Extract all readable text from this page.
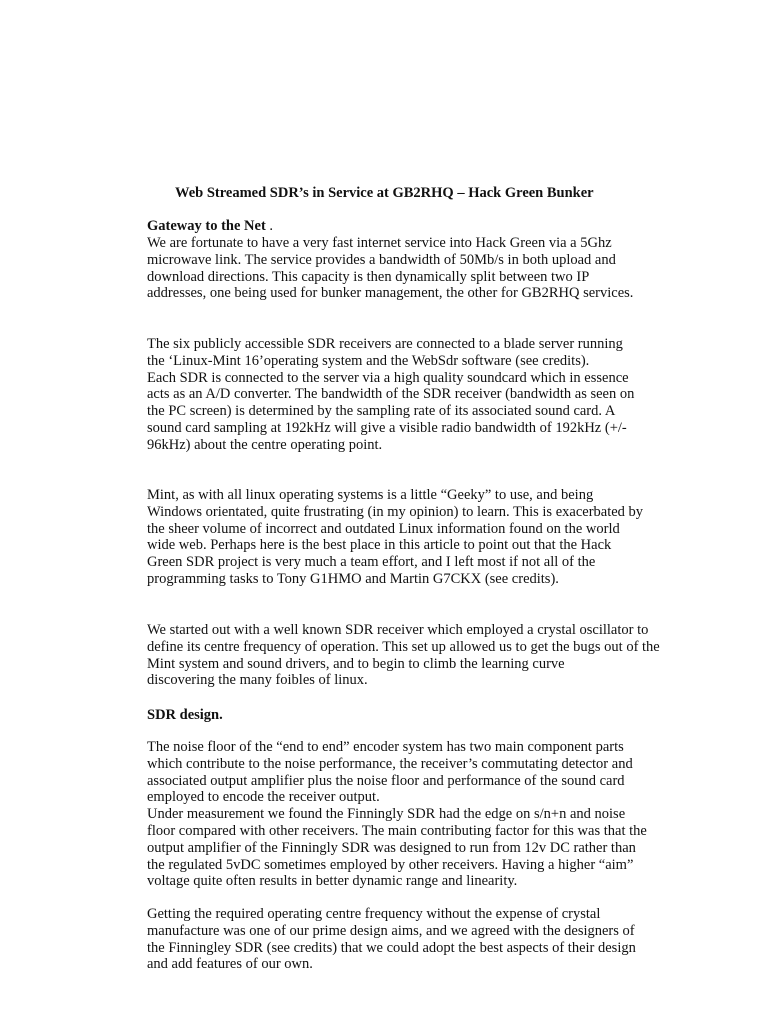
Web Streamed SDR’s in Service at GB2RHQ – Hack Green Bunker
Gateway to the Net .
We are fortunate to have a very fast internet service into Hack Green via a 5Ghz
microwave link. The service provides a bandwidth of 50Mb/s in both upload and
download directions. This capacity is then dynamically split between two IP
addresses, one being used for bunker management, the other for GB2RHQ services.
The six publicly accessible SDR receivers are connected to a blade server running
the ‘Linux-Mint 16’operating system and the WebSdr software (see credits).
Each SDR is connected to the server via a high quality soundcard which in essence
acts as an A/D converter. The bandwidth of the SDR receiver (bandwidth as seen on
the PC screen) is determined by the sampling rate of its associated sound card. A
sound card sampling at 192kHz will give a visible radio bandwidth of 192kHz (+/-
96kHz) about the centre operating point.
Mint, as with all linux operating systems is a little “Geeky” to use, and being
Windows orientated, quite frustrating (in my opinion) to learn. This is exacerbated by
the sheer volume of incorrect and outdated Linux information found on the world
wide web. Perhaps here is the best place in this article to point out that the Hack
Green SDR project is very much a team effort, and I left most if not all of the
programming tasks to Tony G1HMO and Martin G7CKX (see credits).
We started out with a well known SDR receiver which employed a crystal oscillator to
define its centre frequency of operation. This set up allowed us to get the bugs out of the
Mint system and sound drivers, and to begin to climb the learning curve
discovering the many foibles of linux.
SDR design.
The noise floor of the “end to end” encoder system has two main component parts
which contribute to the noise performance, the receiver’s commutating detector and
associated output amplifier plus the noise floor and performance of the sound card
employed to encode the receiver output.
Under measurement we found the Finningly SDR had the edge on s/n+n and noise
floor compared with other receivers. The main contributing factor for this was that the
output amplifier of the Finningly SDR was designed to run from 12v DC rather than
the regulated 5vDC sometimes employed by other receivers. Having a higher “aim”
voltage quite often results in better dynamic range and linearity.
Getting the required operating centre frequency without the expense of crystal
manufacture was one of our prime design aims, and we agreed with the designers of
the Finningley SDR (see credits) that we could adopt the best aspects of their design
and add features of our own.
